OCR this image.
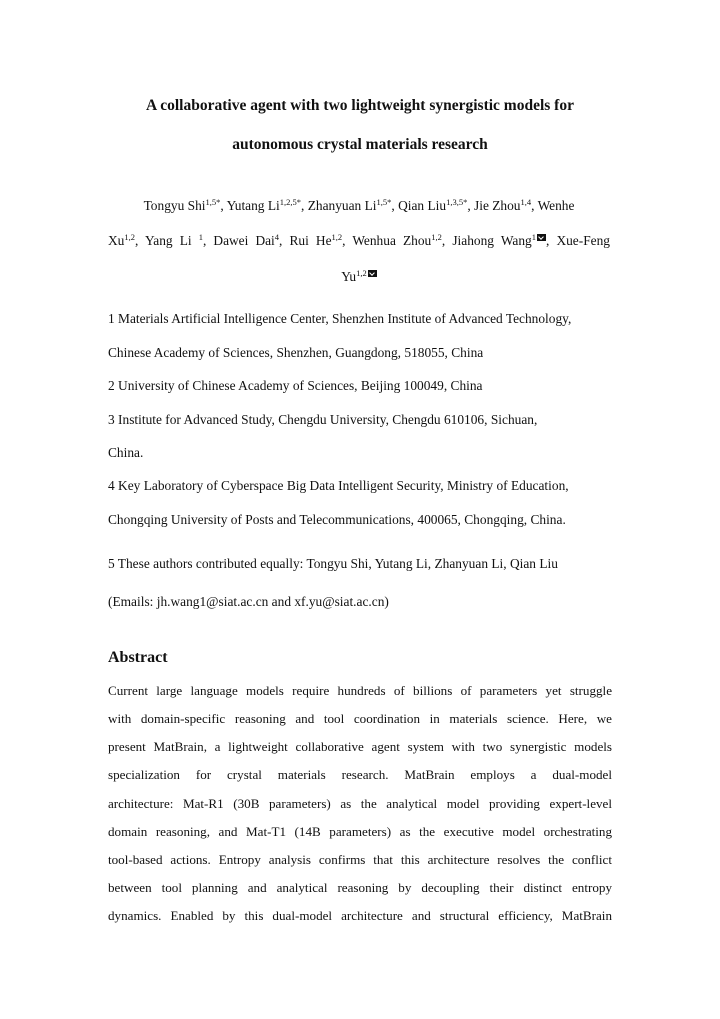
A collaborative agent with two lightweight synergistic models for
autonomous crystal materials research
Tongyu Shi$^{1,5*}$, Yutang $Li^{1,2,5*}$, Zhanyuan $Li^{1,5*}$, Qian Liu$^{1,3,5*}$, Jie Zhou$^{1,4}$, Wenhe
Xu$^{1,2}$, Yang Li $^1$, Dawei Dai$^4$, Rui He$^{1,2}$, Wenhua Zhou$^{1,2}$, Jiahong Wang$^1$ , Xue-Feng
Yu$^{1,2}$
1 Materials Artificial Intelligence Center, Shenzhen Institute of Advanced Technology,
Chinese Academy of Sciences, Shenzhen, Guangdong, 518055, China
2 University of Chinese Academy of Sciences, Beijing 100049, China
3 Institute for Advanced Study, Chengdu University, Chengdu 610106, Sichuan,
China.
4 Key Laboratory of Cyberspace Big Data Intelligent Security, Ministry of Education,
Chongqing University of Posts and Telecommunications, 400065, Chongqing, China.
5 These authors contributed equally: Tongyu Shi, Yutang Li, Zhanyuan Li, Qian Liu
(Emails: jh.wang1@siat.ac.cn and xf.yu@siat.ac.cn)
Abstract
Current large language models require hundreds of billions of parameters yet struggle
with domain-specific reasoning and tool coordination in materials science. Here, we
present MatBrain, a lightweight collaborative agent system with two synergistic models
specialization for crystal materials research. MatBrain employs a dual-model
architecture: Mat-R1 (30B parameters) as the analytical model providing expert-level
domain reasoning, and Mat-T1 (14B parameters) as the executive model orchestrating
tool-based actions. Entropy analysis confirms that this architecture resolves the conflict
between tool planning and analytical reasoning by decoupling their distinct entropy
dynamics. Enabled by this dual-model architecture and structural efficiency, MatBrain
